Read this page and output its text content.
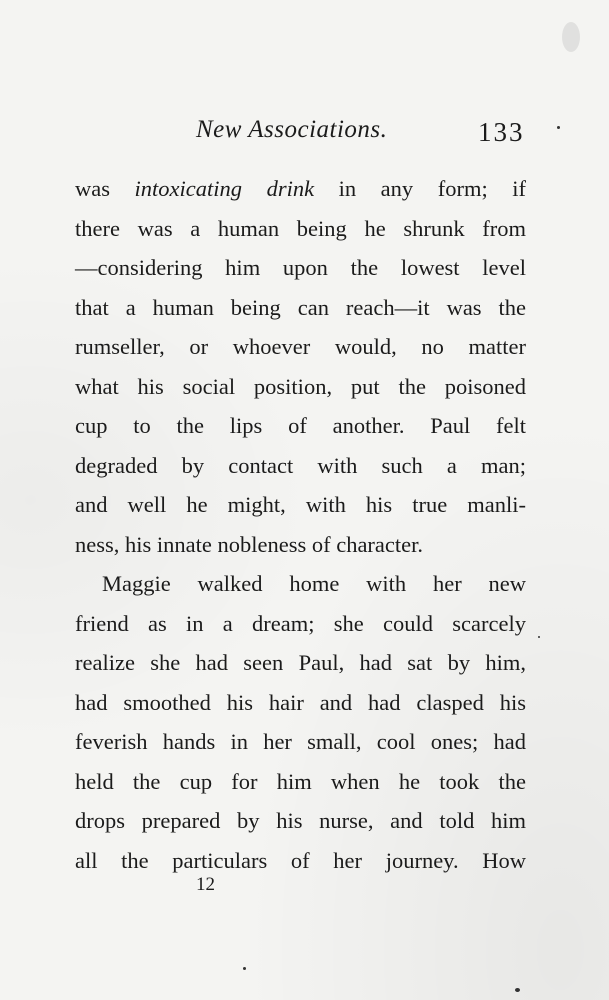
New Associations.	133
was intoxicating drink in any form; if
there was a human being he shrunk from
—considering him upon the lowest level
that a human being can reach—it was the
rumseller, or whoever would, no matter
what his social position, put the poisoned
cup to the lips of another. Paul felt
degraded by contact with such a man;
and well he might, with his true manli-
ness, his innate nobleness of character.
Maggie walked home with her new
friend as in a dream; she could scarcely
realize she had seen Paul, had sat by him,
had smoothed his hair and had clasped his
feverish hands in her small, cool ones; had
held the cup for him when he took the
drops prepared by his nurse, and told him
all the particulars of her journey. How
12
